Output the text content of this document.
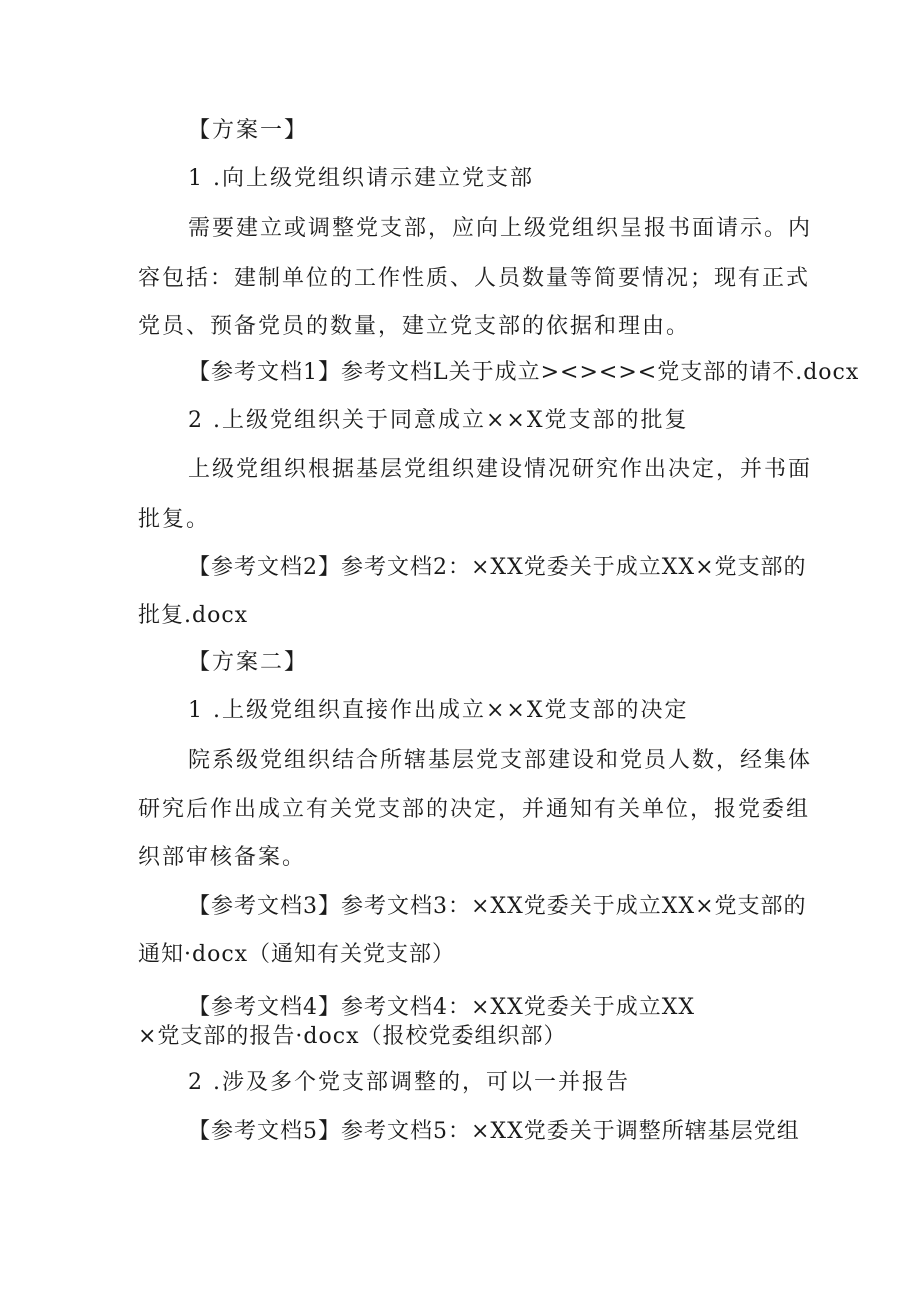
【方案一】
1 .向上级党组织请示建立党支部
需要建立或调整党支部，应向上级党组织呈报书面请示。内
容包括：建制单位的工作性质、人员数量等简要情况；现有正式
党员、预备党员的数量，建立党支部的依据和理由。
【参考文档1】参考文档L关于成立><><><党支部的请不.docx
2 .上级党组织关于同意成立××X党支部的批复
上级党组织根据基层党组织建设情况研究作出决定，并书面
批复。
【参考文档2】参考文档2：×XX党委关于成立XX×党支部的
批复.docx
【方案二】
1 .上级党组织直接作出成立××X党支部的决定
院系级党组织结合所辖基层党支部建设和党员人数，经集体
研究后作出成立有关党支部的决定，并通知有关单位，报党委组
织部审核备案。
【参考文档3】参考文档3：×XX党委关于成立XX×党支部的
通知·docx（通知有关党支部）
【参考文档4】参考文档4：×XX党委关于成立XX
×党支部的报告·docx（报校党委组织部）
2 .涉及多个党支部调整的，可以一并报告
【参考文档5】参考文档5：×XX党委关于调整所辖基层党组
